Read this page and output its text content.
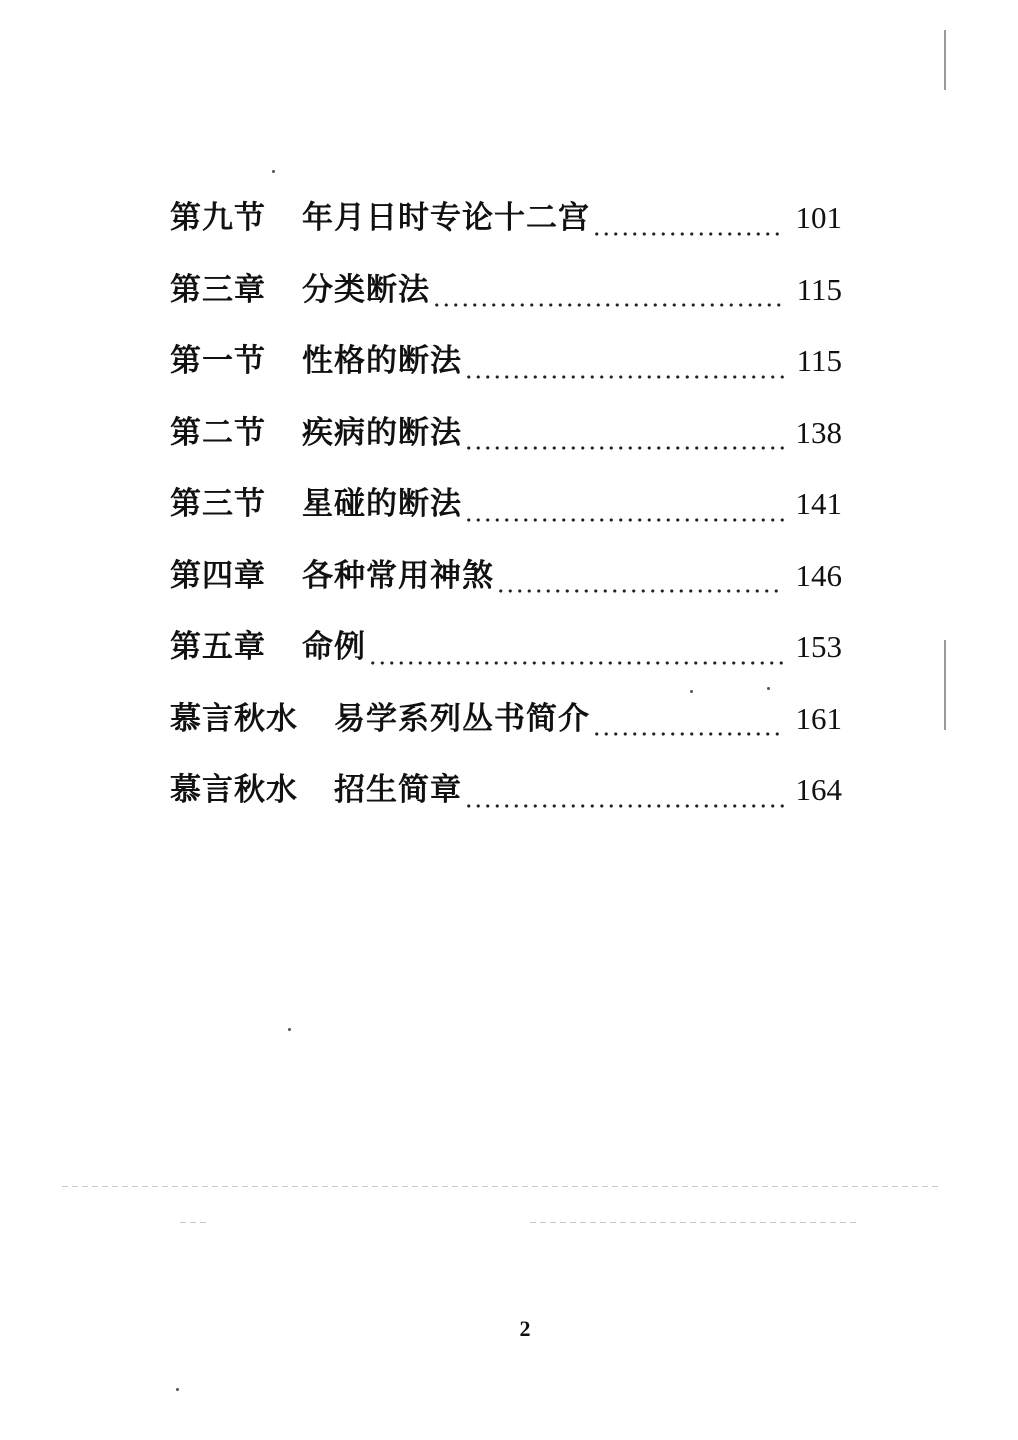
第九节 年月日时专论十二宫	101
第三章 分类断法	115
第一节 性格的断法	115
第二节 疾病的断法	138
第三节 星碰的断法	141
第四章 各种常用神煞	146
第五章 命例	153
慕言秋水 易学系列丛书简介	161
慕言秋水 招生简章	164
2
